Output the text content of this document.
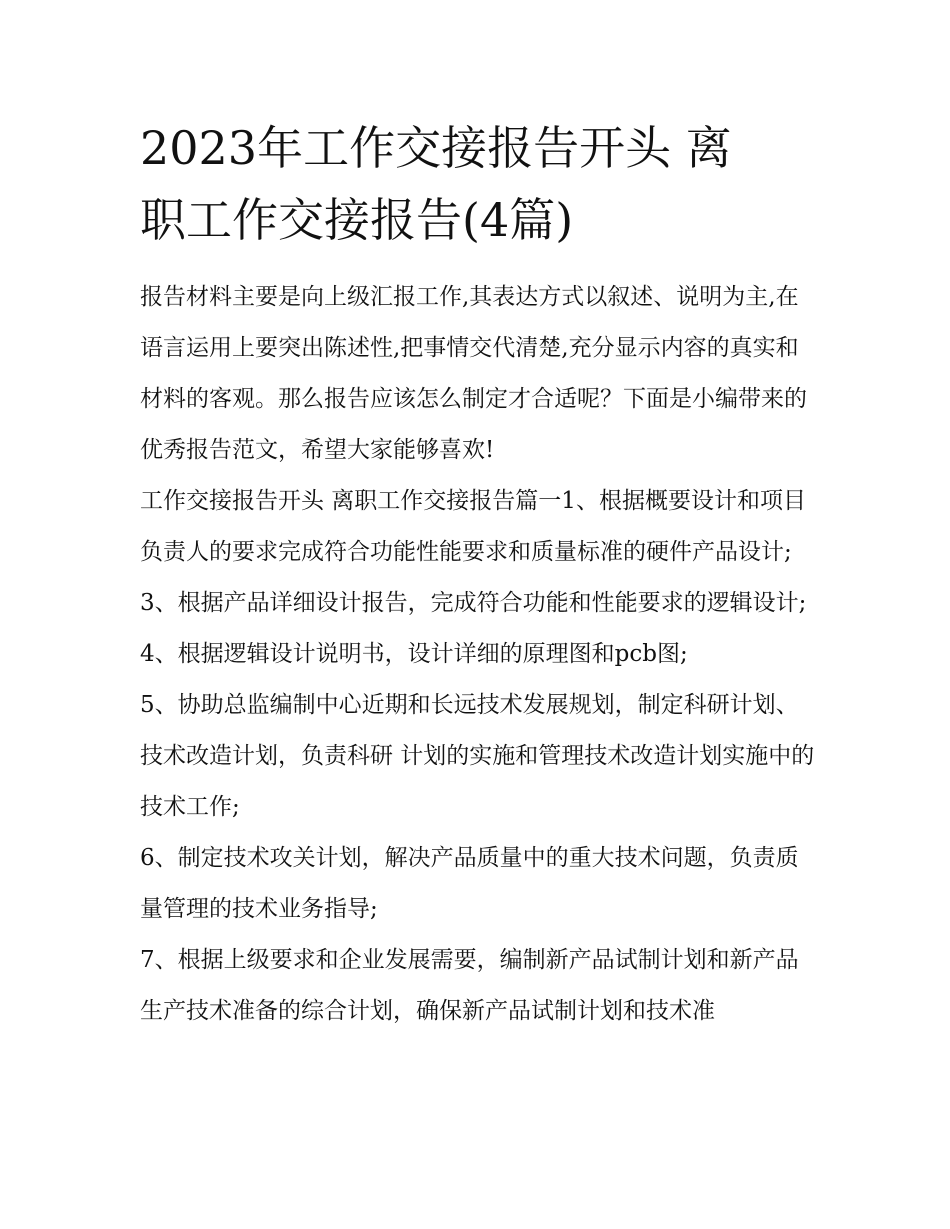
2023年工作交接报告开头 离
职工作交接报告(4篇)

报告材料主要是向上级汇报工作,其表达方式以叙述、说明为主,在语言运用上要突出陈述性,把事情交代清楚,充分显示内容的真实和材料的客观。那么报告应该怎么制定才合适呢？下面是小编带来的优秀报告范文，希望大家能够喜欢!

工作交接报告开头 离职工作交接报告篇一1、根据概要设计和项目负责人的要求完成符合功能性能要求和质量标准的硬件产品设计;

3、根据产品详细设计报告，完成符合功能和性能要求的逻辑设计; 4、根据逻辑设计说明书，设计详细的原理图和pcb图;

5、协助总监编制中心近期和长远技术发展规划，制定科研计划、技术改造计划，负责科研 计划的实施和管理技术改造计划实施中的技术工作;

6、制定技术攻关计划，解决产品质量中的重大技术问题，负责质量管理的技术业务指导;

7、根据上级要求和企业发展需要，编制新产品试制计划和新产品生产技术准备的综合计划，确保新产品试制计划和技术准
